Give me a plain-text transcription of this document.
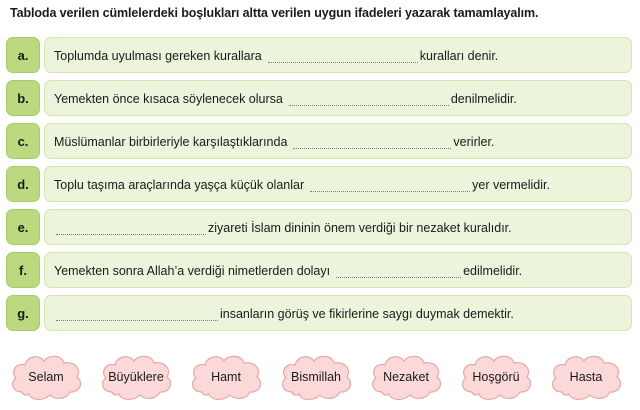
Tabloda verilen cümlelerdeki boşlukları altta verilen uygun ifadeleri yazarak tamamlayalım.
a.	Toplumda uyulması gereken kurallara	kuralları denir.
b.	Yemekten önce kısaca söylenecek olursa	denilmelidir.
c.	Müslümanlar birbirleriyle karşılaştıklarında	verirler.
d.	Toplu taşıma araçlarında yaşça küçük olanlar	yer vermelidir.
e.	ziyareti İslam dininin önem verdiği bir nezaket kuralıdır.
f.	Yemekten sonra Allah’a verdiği nimetlerden dolayı	edilmelidir.
g.	insanların görüş ve fikirlerine saygı duymak demektir.
Selam	Büyüklere	Hamt	Bismillah	Nezaket	Hoşgörü	Hasta
